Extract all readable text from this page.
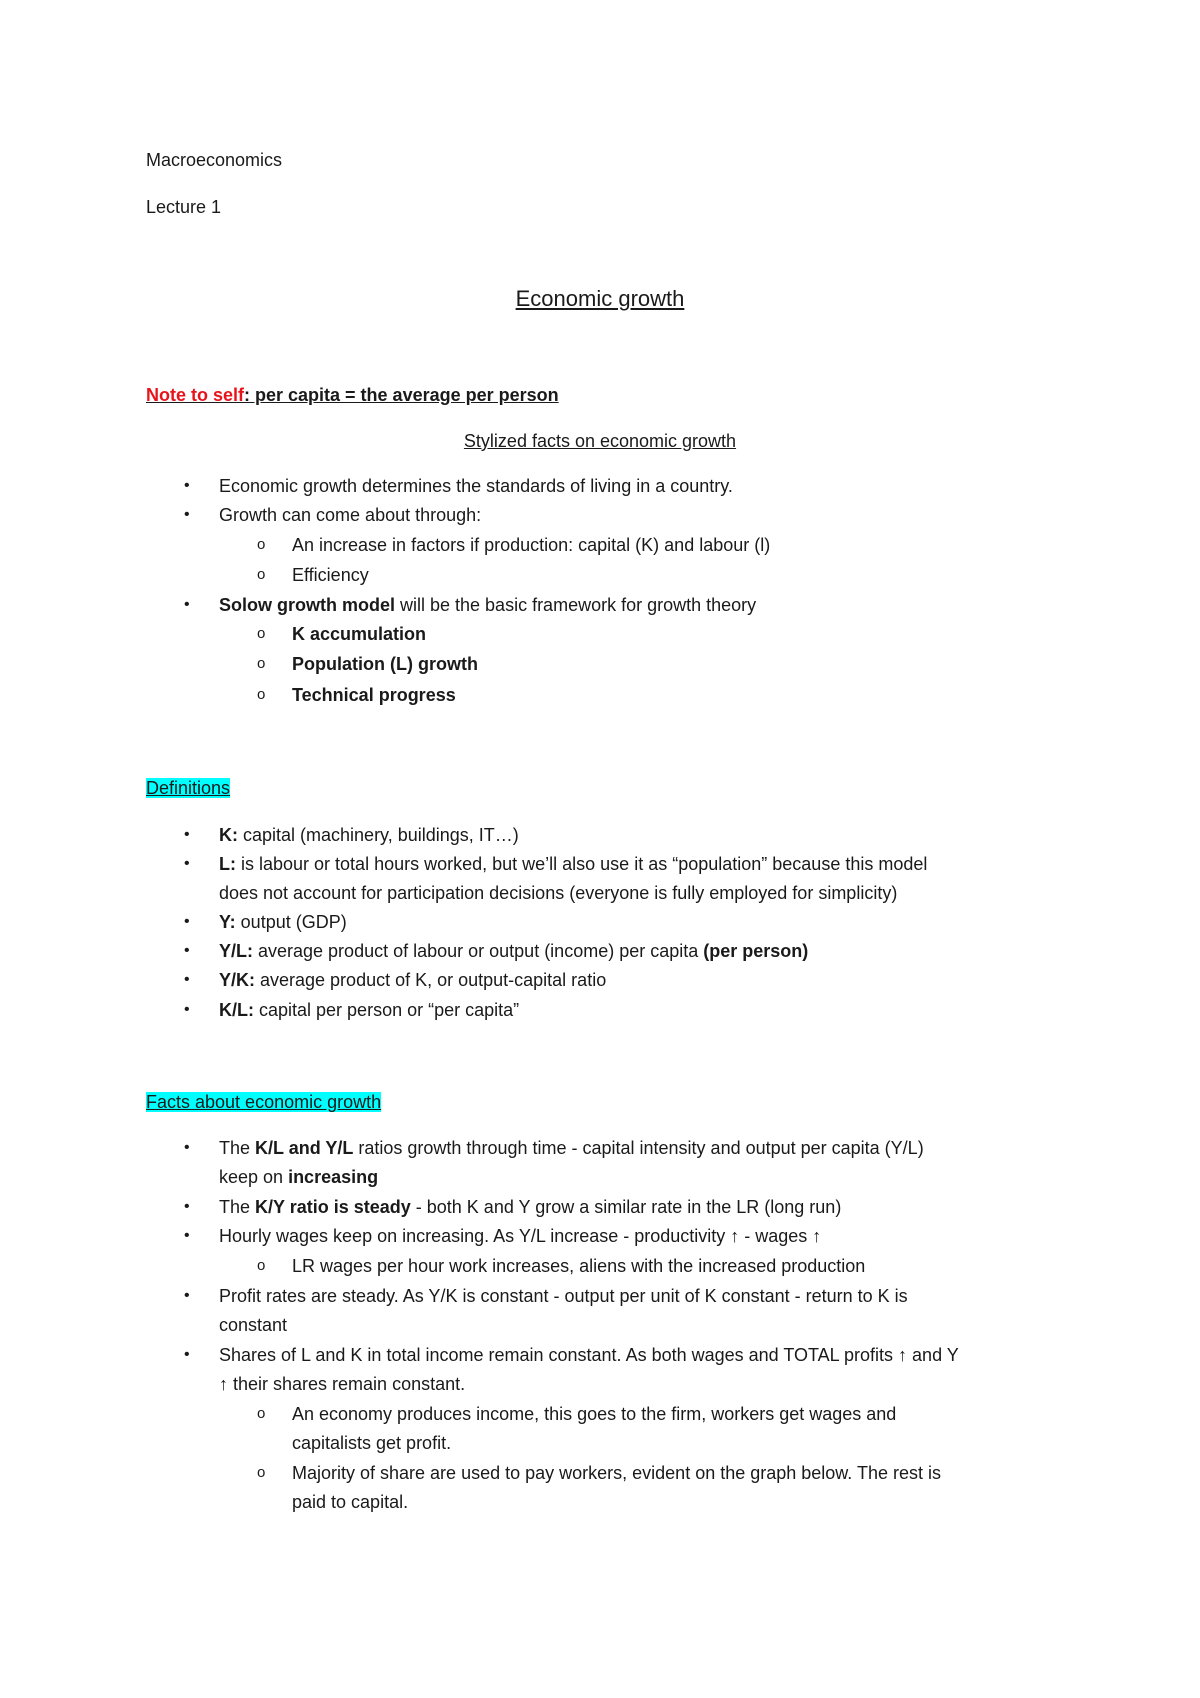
Macroeconomics
Lecture 1
Economic growth
Note to self: per capita = the average per person
Stylized facts on economic growth
• Economic growth determines the standards of living in a country.
• Growth can come about through:
o An increase in factors if production: capital (K) and labour (l)
o Efficiency
• Solow growth model will be the basic framework for growth theory
o K accumulation
o Population (L) growth
o Technical progress
Definitions
• K: capital (machinery, buildings, IT…)
• L: is labour or total hours worked, but we’ll also use it as “population” because this model
does not account for participation decisions (everyone is fully employed for simplicity)
• Y: output (GDP)
• Y/L: average product of labour or output (income) per capita (per person)
• Y/K: average product of K, or output-capital ratio
• K/L: capital per person or “per capita”
Facts about economic growth
• The K/L and Y/L ratios growth through time - capital intensity and output per capita (Y/L)
keep on increasing
• The K/Y ratio is steady - both K and Y grow a similar rate in the LR (long run)
• Hourly wages keep on increasing. As Y/L increase - productivity ↑ - wages ↑
o LR wages per hour work increases, aliens with the increased production
• Profit rates are steady. As Y/K is constant - output per unit of K constant - return to K is
constant
• Shares of L and K in total income remain constant. As both wages and TOTAL profits ↑ and Y
↑ their shares remain constant.
o An economy produces income, this goes to the firm, workers get wages and
capitalists get profit.
o Majority of share are used to pay workers, evident on the graph below. The rest is
paid to capital.
